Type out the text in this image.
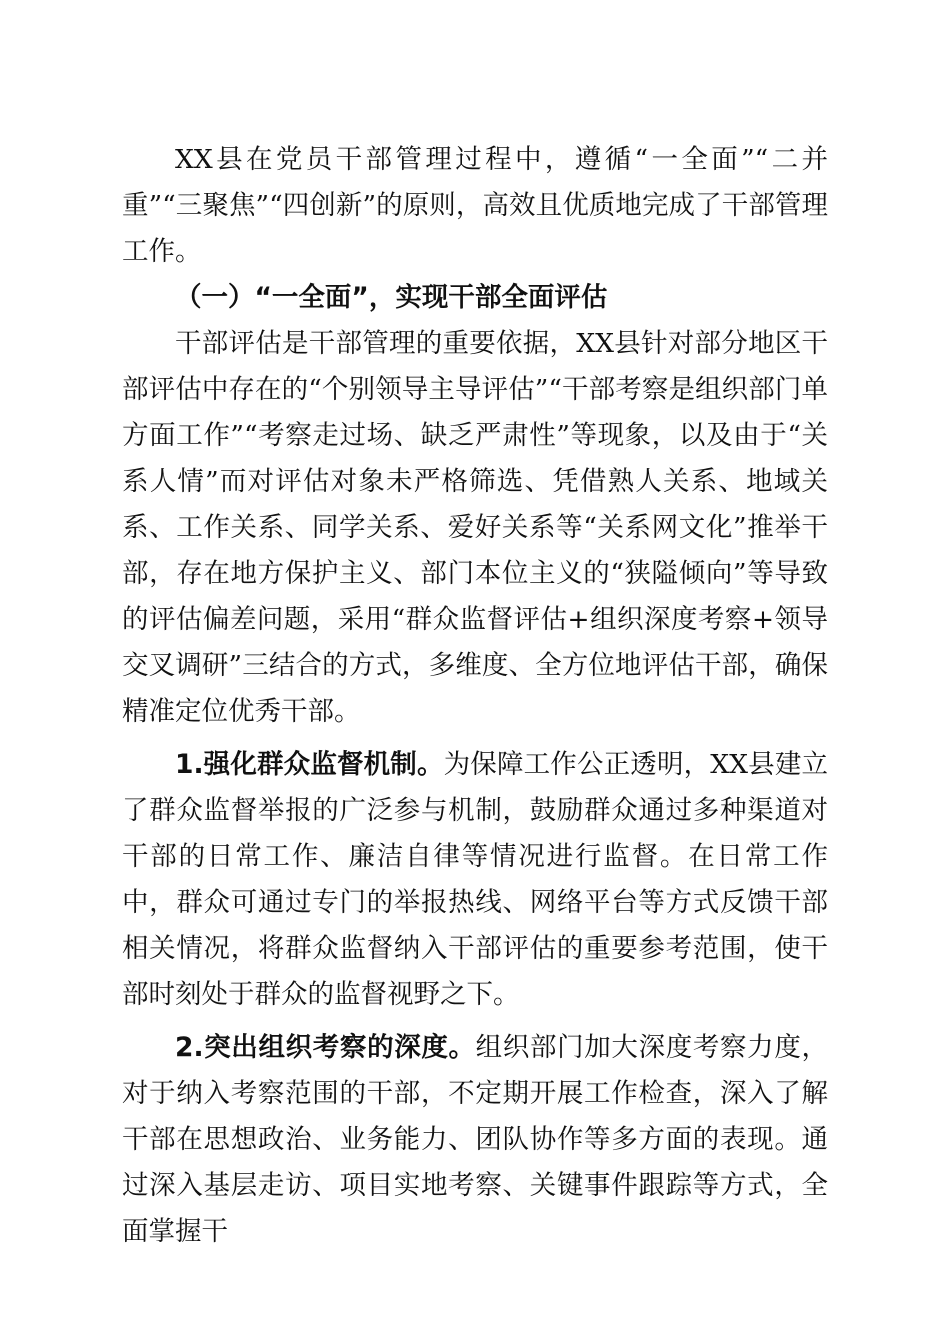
XX县在党员干部管理过程中，遵循“一全面”“二并重”“三聚焦”“四创新”的原则，高效且优质地完成了干部管理工作。

（一）“一全面”，实现干部全面评估

干部评估是干部管理的重要依据，XX县针对部分地区干部评估中存在的“个别领导主导评估”“干部考察是组织部门单方面工作”“考察走过场、缺乏严肃性”等现象，以及由于“关系人情”而对评估对象未严格筛选、凭借熟人关系、地域关系、工作关系、同学关系、爱好关系等“关系网文化”推举干部，存在地方保护主义、部门本位主义的“狭隘倾向”等导致的评估偏差问题，采用“群众监督评估+组织深度考察+领导交叉调研”三结合的方式，多维度、全方位地评估干部，确保精准定位优秀干部。

1.强化群众监督机制。为保障工作公正透明，XX县建立了群众监督举报的广泛参与机制，鼓励群众通过多种渠道对干部的日常工作、廉洁自律等情况进行监督。在日常工作中，群众可通过专门的举报热线、网络平台等方式反馈干部相关情况，将群众监督纳入干部评估的重要参考范围，使干部时刻处于群众的监督视野之下。

2.突出组织考察的深度。组织部门加大深度考察力度，对于纳入考察范围的干部，不定期开展工作检查，深入了解干部在思想政治、业务能力、团队协作等多方面的表现。通过深入基层走访、项目实地考察、关键事件跟踪等方式，全面掌握干
